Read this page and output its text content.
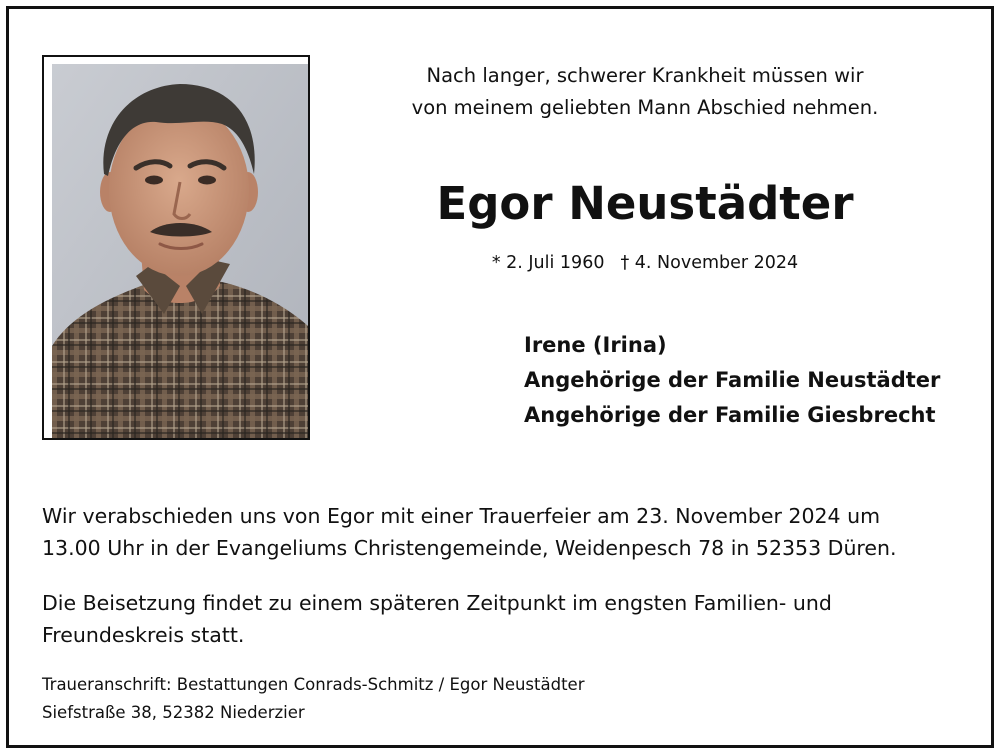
Nach langer, schwerer Krankheit müssen wir
von meinem geliebten Mann Abschied nehmen.
Egor Neustädter
* 2. Juli 1960 † 4. November 2024
Irene (Irina)
Angehörige der Familie Neustädter
Angehörige der Familie Giesbrecht
Wir verabschieden uns von Egor mit einer Trauerfeier am 23. November 2024 um
13.00 Uhr in der Evangeliums Christengemeinde, Weidenpesch 78 in 52353 Düren.
Die Beisetzung findet zu einem späteren Zeitpunkt im engsten Familien- und
Freundeskreis statt.
Traueranschrift: Bestattungen Conrads-Schmitz / Egor Neustädter
Siefstraße 38, 52382 Niederzier
